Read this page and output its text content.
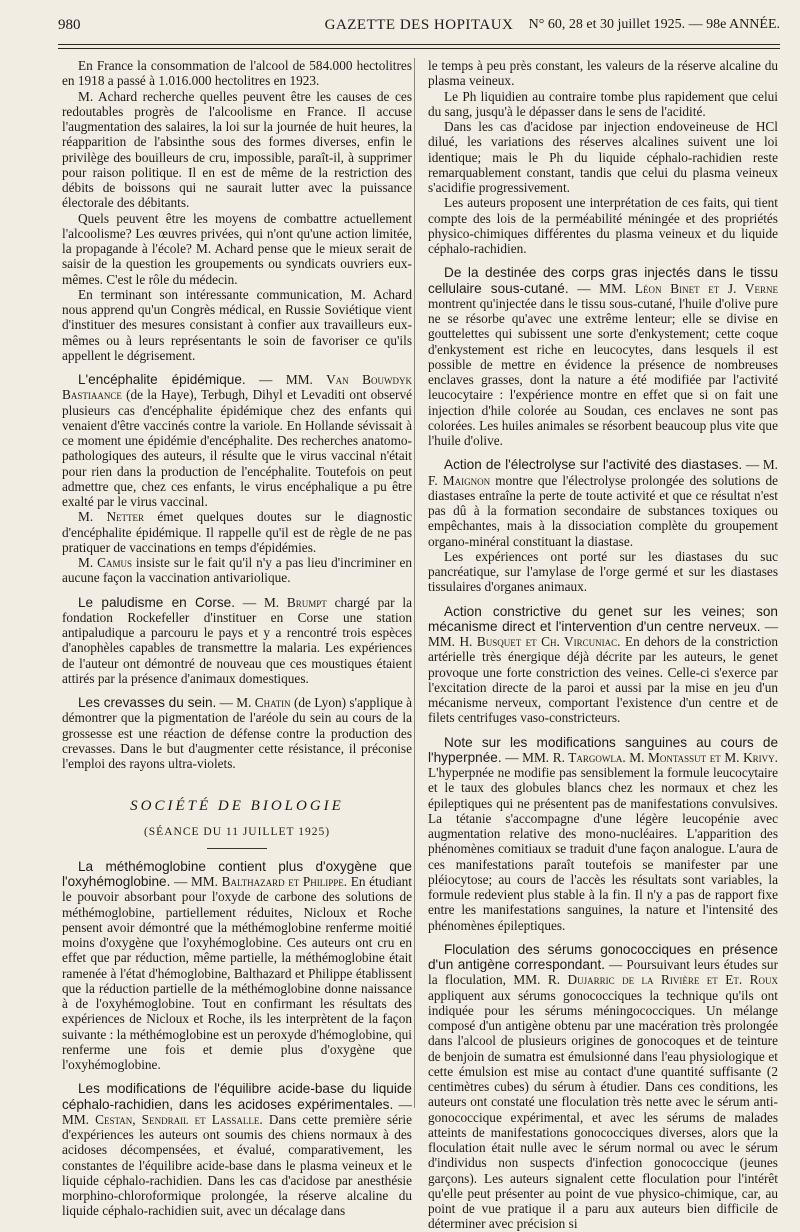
980	GAZETTE DES HOPITAUX	N° 60, 28 et 30 juillet 1925. — 98e ANNÉE.

En France la consommation de l'alcool de 584.000 hectolitres en 1918 a passé à 1.016.000 hectolitres en 1923.

M. Achard recherche quelles peuvent être les causes de ces redoutables progrès de l'alcoolisme en France. Il accuse l'augmentation des salaires, la loi sur la journée de huit heures, la réapparition de l'absinthe sous des formes diverses, enfin le privilège des bouilleurs de cru, impossible, paraît-il, à supprimer pour raison politique. Il en est de même de la restriction des débits de boissons qui ne saurait lutter avec la puissance électorale des débitants.

Quels peuvent être les moyens de combattre actuellement l'alcoolisme? Les œuvres privées, qui n'ont qu'une action limitée, la propagande à l'école? M. Achard pense que le mieux serait de saisir de la question les groupements ou syndicats ouvriers eux-mêmes. C'est le rôle du médecin.

En terminant son intéressante communication, M. Achard nous apprend qu'un Congrès médical, en Russie Soviétique vient d'instituer des mesures consistant à confier aux travailleurs eux-mêmes ou à leurs représentants le soin de favoriser ce qu'ils appellent le dégrisement.

L'encéphalite épidémique. — MM. Van Bouwdyk Bastiaance (de la Haye), Terbugh, Dihyl et Levaditi ont observé plusieurs cas d'encéphalite épidémique chez des enfants qui venaient d'être vaccinés contre la variole. En Hollande sévissait à ce moment une épidémie d'encéphalite. Des recherches anatomo-pathologiques des auteurs, il résulte que le virus vaccinal n'était pour rien dans la production de l'encéphalite. Toutefois on peut admettre que, chez ces enfants, le virus encéphalique a pu être exalté par le virus vaccinal.

M. Netter émet quelques doutes sur le diagnostic d'encéphalite épidémique. Il rappelle qu'il est de règle de ne pas pratiquer de vaccinations en temps d'épidémies.

M. Camus insiste sur le fait qu'il n'y a pas lieu d'incriminer en aucune façon la vaccination antivariolique.

Le paludisme en Corse. — M. Brumpt chargé par la fondation Rockefeller d'instituer en Corse une station antipaludique a parcouru le pays et y a rencontré trois espèces d'anophèles capables de transmettre la malaria. Les expériences de l'auteur ont démontré de nouveau que ces moustiques étaient attirés par la présence d'animaux domestiques.

Les crevasses du sein. — M. Chatin (de Lyon) s'applique à démontrer que la pigmentation de l'aréole du sein au cours de la grossesse est une réaction de défense contre la production des crevasses. Dans le but d'augmenter cette résistance, il préconise l'emploi des rayons ultra-violets.

SOCIÉTÉ DE BIOLOGIE
(SÉANCE DU 11 JUILLET 1925)

La méthémoglobine contient plus d'oxygène que l'oxyhémoglobine. — MM. Balthazard et Philippe. En étudiant le pouvoir absorbant pour l'oxyde de carbone des solutions de méthémoglobine, partiellement réduites, Nicloux et Roche pensent avoir démontré que la méthémoglobine renferme moitié moins d'oxygène que l'oxyhémoglobine. Ces auteurs ont cru en effet que par réduction, même partielle, la méthémoglobine était ramenée à l'état d'hémoglobine, Balthazard et Philippe établissent que la réduction partielle de la méthémoglobine donne naissance à de l'oxyhémoglobine. Tout en confirmant les résultats des expériences de Nicloux et Roche, ils les interprètent de la façon suivante : la méthémoglobine est un peroxyde d'hémoglobine, qui renferme une fois et demie plus d'oxygène que l'oxyhémoglobine.

Les modifications de l'équilibre acide-base du liquide céphalo-rachidien, dans les acidoses expérimentales. — MM. Cestan, Sendrail et Lassalle. Dans cette première série d'expériences les auteurs ont soumis des chiens normaux à des acidoses décompensées, et évalué, comparativement, les constantes de l'équilibre acide-base dans le plasma veineux et le liquide céphalo-rachidien. Dans les cas d'acidose par anesthésie morphino-chloroformique prolongée, la réserve alcaline du liquide céphalo-rachidien suit, avec un décalage dans

le temps à peu près constant, les valeurs de la réserve alcaline du plasma veineux.

Le Ph liquidien au contraire tombe plus rapidement que celui du sang, jusqu'à le dépasser dans le sens de l'acidité.

Dans les cas d'acidose par injection endoveineuse de HCl dilué, les variations des réserves alcalines suivent une loi identique; mais le Ph du liquide céphalo-rachidien reste remarquablement constant, tandis que celui du plasma veineux s'acidifie progressivement.

Les auteurs proposent une interprétation de ces faits, qui tient compte des lois de la perméabilité méningée et des propriétés physico-chimiques différentes du plasma veineux et du liquide céphalo-rachidien.

De la destinée des corps gras injectés dans le tissu cellulaire sous-cutané. — MM. Léon Binet et J. Verne montrent qu'injectée dans le tissu sous-cutané, l'huile d'olive pure ne se résorbe qu'avec une extrême lenteur; elle se divise en gouttelettes qui subissent une sorte d'enkystement; cette coque d'enkystement est riche en leucocytes, dans lesquels il est possible de mettre en évidence la présence de nombreuses enclaves grasses, dont la nature a été modifiée par l'activité leucocytaire : l'expérience montre en effet que si on fait une injection d'hile colorée au Soudan, ces enclaves ne sont pas colorées. Les huiles animales se résorbent beaucoup plus vite que l'huile d'olive.

Action de l'électrolyse sur l'activité des diastases. — M. F. Maignon montre que l'électrolyse prolongée des solutions de diastases entraîne la perte de toute activité et que ce résultat n'est pas dû à la formation secondaire de substances toxiques ou empêchantes, mais à la dissociation complète du groupement organo-minéral constituant la diastase.

Les expériences ont porté sur les diastases du suc pancréatique, sur l'amylase de l'orge germé et sur les diastases tissulaires d'organes animaux.

Action constrictive du genet sur les veines; son mécanisme direct et l'intervention d'un centre nerveux. — MM. H. Busquet et Ch. Vircuniac. En dehors de la constriction artérielle très énergique déjà décrite par les auteurs, le genet provoque une forte constriction des veines. Celle-ci s'exerce par l'excitation directe de la paroi et aussi par la mise en jeu d'un mécanisme nerveux, comportant l'existence d'un centre et de filets centrifuges vaso-constricteurs.

Note sur les modifications sanguines au cours de l'hyperpnée. — MM. R. Targowla. M. Montassut et M. Krivy. L'hyperpnée ne modifie pas sensiblement la formule leucocytaire et le taux des globules blancs chez les normaux et chez les épileptiques qui ne présentent pas de manifestations convulsives. La tétanie s'accompagne d'une légère leucopénie avec augmentation relative des mono-nucléaires. L'apparition des phénomènes comitiaux se traduit d'une façon analogue. L'aura de ces manifestations paraît toutefois se manifester par une pléiocytose; au cours de l'accès les résultats sont variables, la formule redevient plus stable à la fin. Il n'y a pas de rapport fixe entre les manifestations sanguines, la nature et l'intensité des phénomènes épileptiques.

Floculation des sérums gonococciques en présence d'un antigène correspondant. — Poursuivant leurs études sur la floculation, MM. R. Dujarric de la Rivière et Et. Roux appliquent aux sérums gonococciques la technique qu'ils ont indiquée pour les sérums méningococciques. Un mélange composé d'un antigène obtenu par une macération très prolongée dans l'alcool de plusieurs origines de gonocoques et de teinture de benjoin de sumatra est émulsionné dans l'eau physiologique et cette émulsion est mise au contact d'une quantité suffisante (2 centimètres cubes) du sérum à étudier. Dans ces conditions, les auteurs ont constaté une floculation très nette avec le sérum anti-gonococcique expérimental, et avec les sérums de malades atteints de manifestations gonococciques diverses, alors que la floculation était nulle avec le sérum normal ou avec le sérum d'individus non suspects d'infection gonococcique (jeunes garçons). Les auteurs signalent cette floculation pour l'intérêt qu'elle peut présenter au point de vue physico-chimique, car, au point de vue pratique il a paru aux auteurs bien difficile de déterminer avec précision si
